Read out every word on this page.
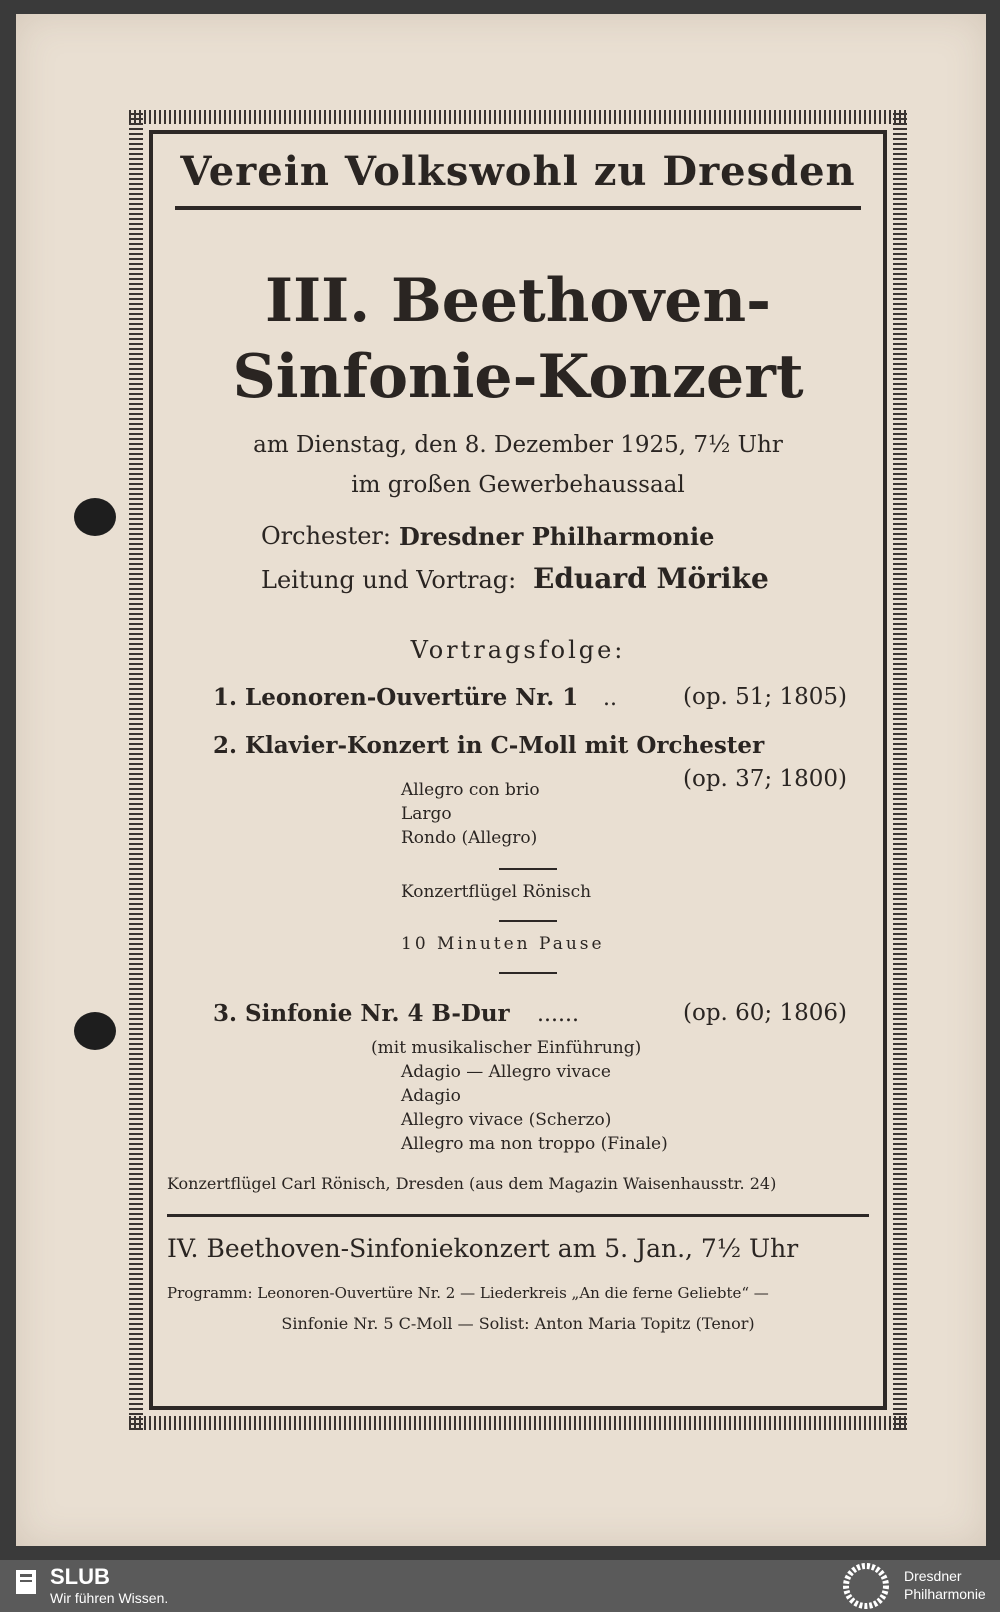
Verein Volkswohl zu Dresden
III. Beethoven-
Sinfonie-Konzert
am Dienstag, den 8. Dezember 1925, 7½ Uhr
im großen Gewerbehaussaal
Orchester: Dresdner Philharmonie
Leitung und Vortrag: Eduard Mörike
Vortragsfolge:
1. Leonoren-Ouvertüre Nr. 1 ..	(op. 51; 1805)
2. Klavier-Konzert in C-Moll mit Orchester
(op. 37; 1800)
Allegro con brio
Largo
Rondo (Allegro)
Konzertflügel Rönisch
10 Minuten Pause
3. Sinfonie Nr. 4 B-Dur ......	(op. 60; 1806)
(mit musikalischer Einführung)
Adagio — Allegro vivace
Adagio
Allegro vivace (Scherzo)
Allegro ma non troppo (Finale)
Konzertflügel Carl Rönisch, Dresden (aus dem Magazin Waisenhausstr. 24)
IV. Beethoven-Sinfoniekonzert am 5. Jan., 7½ Uhr
Programm: Leonoren-Ouvertüre Nr. 2 — Liederkreis „An die ferne Geliebte“ —
Sinfonie Nr. 5 C-Moll — Solist: Anton Maria Topitz (Tenor)
SLUB
Wir führen Wissen.
Dresdner
Philharmonie
